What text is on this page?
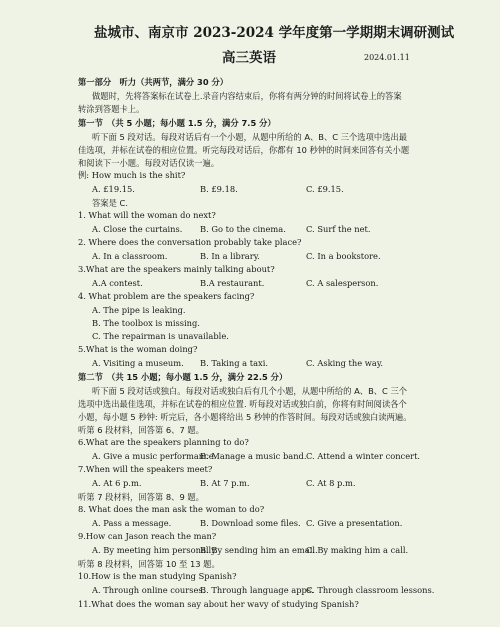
盐城市、南京市 2023-2024 学年度第一学期期末调研测试
高三英语	2024.01.11
第一部分　听力（共两节，满分 30 分）
做题时，先将答案标在试卷上.录音内容结束后，你将有两分钟的时间将试卷上的答案
转涂到答题卡上。
第一节　（共 5 小题；每小题 1.5 分，满分 7.5 分）
听下面 5 段对话。每段对话后有一个小题，从题中所给的 A、B、C 三个选项中选出最
佳选项，并标在试卷的相应位置。听完每段对话后，你都有 10 秒钟的时间来回答有关小题
和阅读下一小题。每段对话仅读一遍。
例: How much is the shit?
A. £19.15.	B. £9.18.	C. £9.15.
答案是 C.
1. What will the woman do next?
A. Close the curtains. B. Go to the cinema. C. Surf the net.
2. Where does the conversation probably take place?
A. In a classroom.	B. In a library.	C. In a bookstore.
3.What are the speakers mainly talking about?
A.A contest.	B.A restaurant.	C. A salesperson.
4. What problem are the speakers facing?
A. The pipe is leaking.
B. The toolbox is missing.
C. The repairman is unavailable.
5.What is the woman doing?
A. Visiting a museum. B. Taking a taxi.	C. Asking the way.
第二节　（共 15 小题；每小题 1.5 分，满分 22.5 分）
听下面 5 段对话或独白。每段对话或独白后有几个小题，从题中所给的 A、B、C 三个
选项中选出最佳选项，并标在试卷的相应位置. 听每段对话或独白前，你将有时间阅读各个
小题，每小题 5 秒钟: 听完后，各小题将给出 5 秒钟的作答时间。每段对话或独白读两遍。
听第 6 段材料，回答第 6、7 题。
6.What are the speakers planning to do?
A. Give a music performance.
B. Manage a music band. C. Attend a winter concert.
7.When will the speakers meet?
A. At 6 p.m.	B. At 7 p.m.	C. At 8 p.m.
听第 7 段材料，回答第 8、9 题。
8. What does the man ask the woman to do?
A. Pass a message.	B. Download some files. C. Give a presentation.
9.How can Jason reach the man?
A. By meeting him personally.
B. By sending him an email.
C. By making him a call.
听第 8 段材料，回答第 10 至 13 题。
10.How is the man studying Spanish?
A. Through online courses.
B. Through language apps.
C. Through classroom lessons.
11.What does the woman say about her wavy of studying Spanish?
